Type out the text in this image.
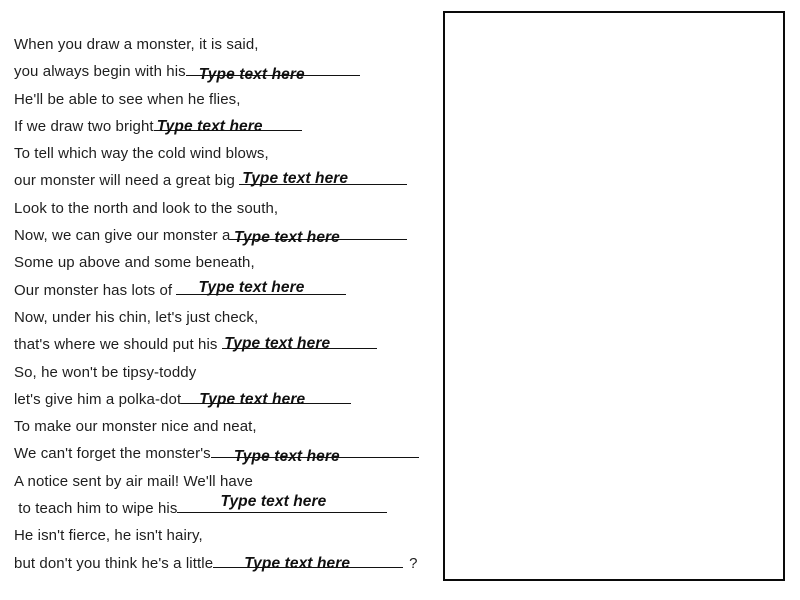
When you draw a monster, it is said,
you always begin with his Type text here
He'll be able to see when he flies,
If we draw two bright Type text here
To tell which way the cold wind blows,
our monster will need a great big Type text here
Look to the north and look to the south,
Now, we can give our monster a Type text here
Some up above and some beneath,
Our monster has lots of	Type text here
Now, under his chin, let's just check,
that's where we should put his Type text here
So, he won't be tipsy-toddy
let's give him a polka-dot	Type text here
To make our monster nice and neat,
We can't forget the monster's	Type text here
A notice sent by air mail! We'll have
to teach him to wipe his	Type text here
He isn't fierce, he isn't hairy,
but don't you think he's a little	Type text here	?
